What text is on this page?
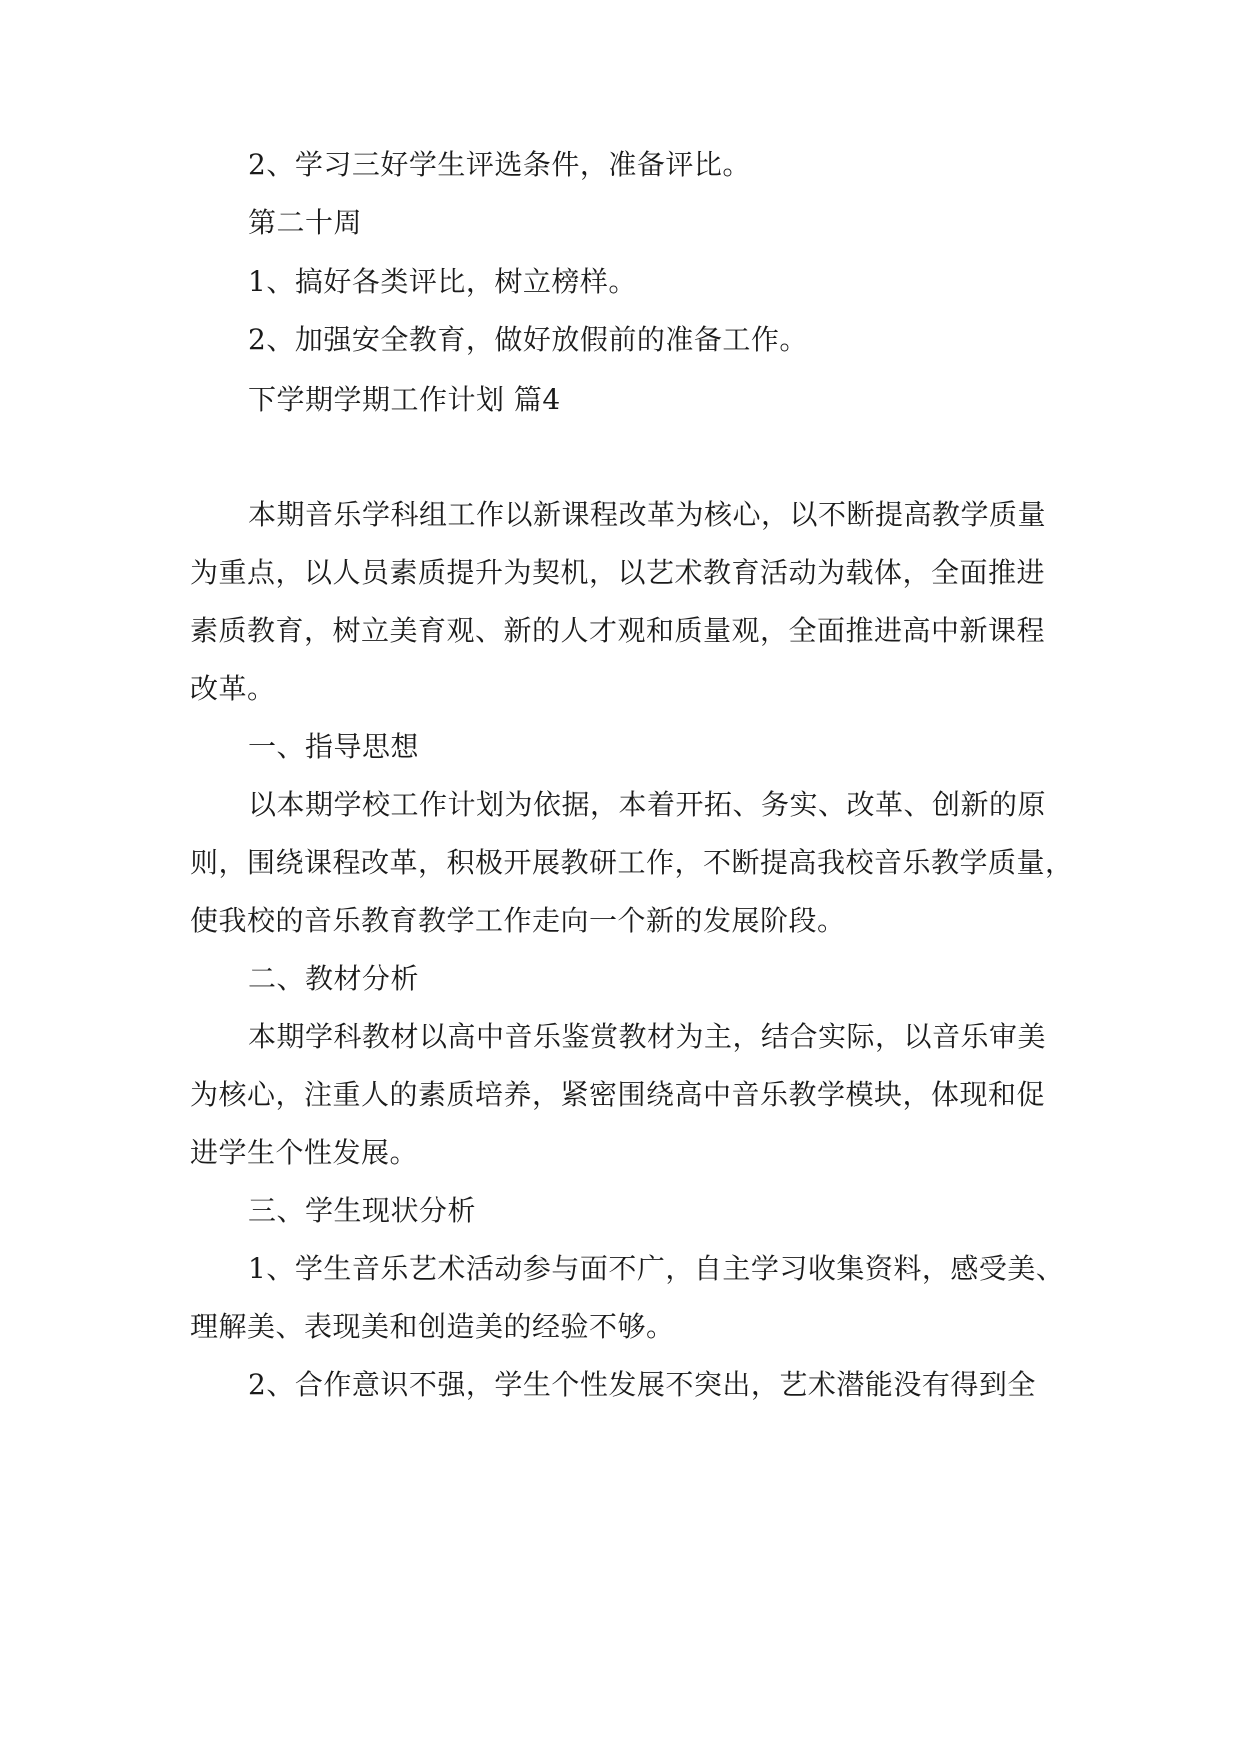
2、学习三好学生评选条件，准备评比。
第二十周
1、搞好各类评比，树立榜样。
2、加强安全教育，做好放假前的准备工作。
下学期学期工作计划 篇4
本期音乐学科组工作以新课程改革为核心，以不断提高教学质量
为重点，以人员素质提升为契机，以艺术教育活动为载体，全面推进
素质教育，树立美育观、新的人才观和质量观，全面推进高中新课程
改革。
一、指导思想
以本期学校工作计划为依据，本着开拓、务实、改革、创新的原
则，围绕课程改革，积极开展教研工作，不断提高我校音乐教学质量，
使我校的音乐教育教学工作走向一个新的发展阶段。
二、教材分析
本期学科教材以高中音乐鉴赏教材为主，结合实际，以音乐审美
为核心，注重人的素质培养，紧密围绕高中音乐教学模块，体现和促
进学生个性发展。
三、学生现状分析
1、学生音乐艺术活动参与面不广，自主学习收集资料，感受美、
理解美、表现美和创造美的经验不够。
2、合作意识不强，学生个性发展不突出，艺术潜能没有得到全
